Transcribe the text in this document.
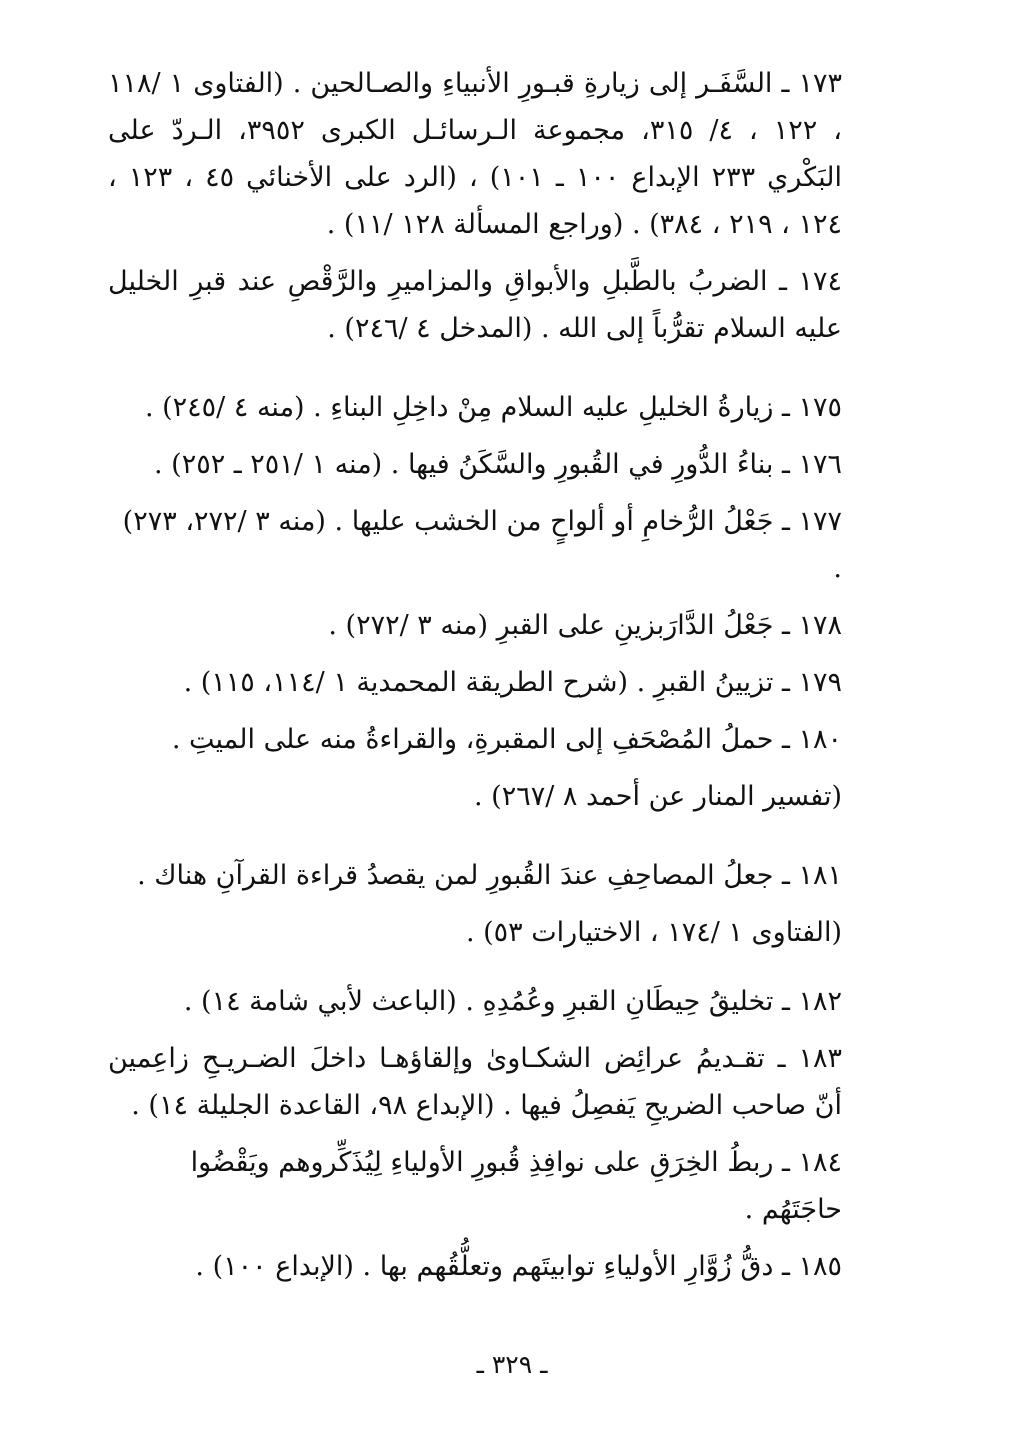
١٧٣ ـ السَّفَـر إلى زيارةِ قبـورِ الأنبياءِ والصـالحين . (الفتاوى ١ /١١٨ ، ١٢٢ ، ٤/ ٣١٥، مجموعة الـرسائـل الكبرى ٣٩٥٢، الـردّ على البَكْري ٢٣٣ الإبداع ١٠٠ ـ ١٠١) ، (الرد على الأخنائي ٤٥ ، ١٢٣ ، ١٢٤ ، ٢١٩ ، ٣٨٤) . (وراجع المسألة ١٢٨ /١١) .

١٧٤ ـ الضربُ بالطَّبلِ والأبواقِ والمزاميرِ والرَّقْصِ عند قبرِ الخليل عليه السلام تقرُّباً إلى الله . (المدخل ٤ /٢٤٦) .

١٧٥ ـ زيارةُ الخليلِ عليه السلام مِنْ داخِلِ البناءِ . (منه ٤ /٢٤٥) .

١٧٦ ـ بناءُ الدُّورِ في القُبورِ والسَّكَنُ فيها . (منه ١ /٢٥١ ـ ٢٥٢) .

١٧٧ ـ جَعْلُ الرُّخامِ أو ألواحٍ من الخشب عليها . (منه ٣ /٢٧٢، ٢٧٣) .

١٧٨ ـ جَعْلُ الدَّارَبزينِ على القبرِ (منه ٣ /٢٧٢) .

١٧٩ ـ تزيينُ القبرِ . (شرح الطريقة المحمدية ١ /١١٤، ١١٥) .

١٨٠ ـ حملُ المُصْحَفِ إلى المقبرةِ، والقراءةُ منه على الميتِ .

(تفسير المنار عن أحمد ٨ /٢٦٧) .

١٨١ ـ جعلُ المصاحِفِ عندَ القُبورِ لمن يقصدُ قراءة القرآنِ هناك .

(الفتاوى ١ /١٧٤ ، الاختيارات ٥٣) .

١٨٢ ـ تخليقُ حِيطَانِ القبرِ وعُمُدِهِ . (الباعث لأبي شامة ١٤) .

١٨٣ ـ تقـديمُ عرائِض الشكـاوىٰ وإلقاؤهـا داخلَ الضـريـحِ زاعِمين أنّ صاحب الضريحِ يَفصِلُ فيها . (الإبداع ٩٨، القاعدة الجليلة ١٤) .

١٨٤ ـ ربطُ الخِرَقِ على نوافِذِ قُبورِ الأولياءِ لِيُذَكِّروهم ويَقْضُوا حاجَتَهُم .

١٨٥ ـ دقُّ زُوَّارِ الأولياءِ توابيتَهم وتعلُّقُهم بها . (الإبداع ١٠٠) .

ـ ٣٢٩ ـ
